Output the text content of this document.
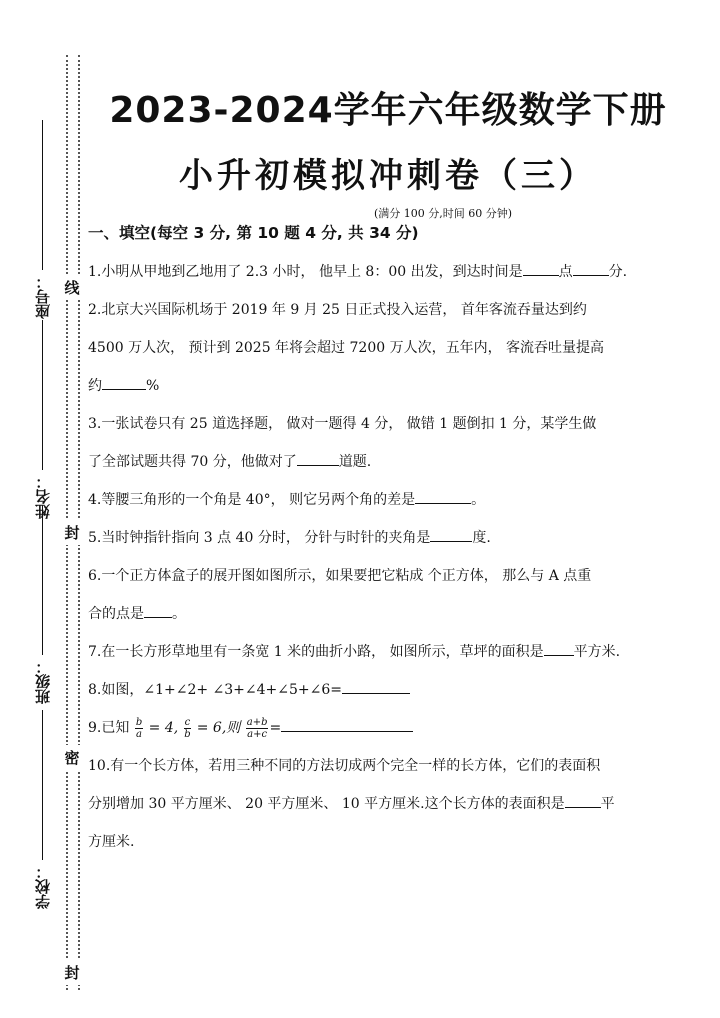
座号：
姓名：
班级：
学校：
线
封
密
封
2023-2024学年六年级数学下册
小升初模拟冲刺卷（三）
(满分 100 分,时间 60 分钟)
一、填空(每空 3 分, 第 10 题 4 分, 共 34 分)
1.小明从甲地到乙地用了 2.3 小时， 他早上 8：00 出发，到达时间是	点	分.
2.北京大兴国际机场于 2019 年 9 月 25 日正式投入运营， 首年客流吞量达到约
4500 万人次， 预计到 2025 年将会超过 7200 万人次，五年内， 客流吞吐量提高
约	%
3.一张试卷只有 25 道选择题， 做对一题得 4 分， 做错 1 题倒扣 1 分，某学生做
了全部试题共得 70 分，他做对了	道题.
4.等腰三角形的一个角是 40°， 则它另两个角的差是	。
5.当时钟指针指向 3 点 40 分时， 分针与时针的夹角是	度.
6.一个正方体盒子的展开图如图所示，如果要把它粘成 个正方体， 那么与 A 点重
合的点是 。
7.在一长方形草地里有一条宽 1 米的曲折小路， 如图所示，草坪的面积是 平方米.
8.如图，∠1+∠2+ ∠3+∠4+∠5+∠6=
9.已知 $\frac{b}{a} = 4$, $\frac{c}{b} = 6$,则 $\frac{a+b}{a+c}$ =
10.有一个长方体，若用三种不同的方法切成两个完全一样的长方体，它们的表面积
分别增加 30 平方厘米、 20 平方厘米、 10 平方厘米.这个长方体的表面积是	平
方厘米.
